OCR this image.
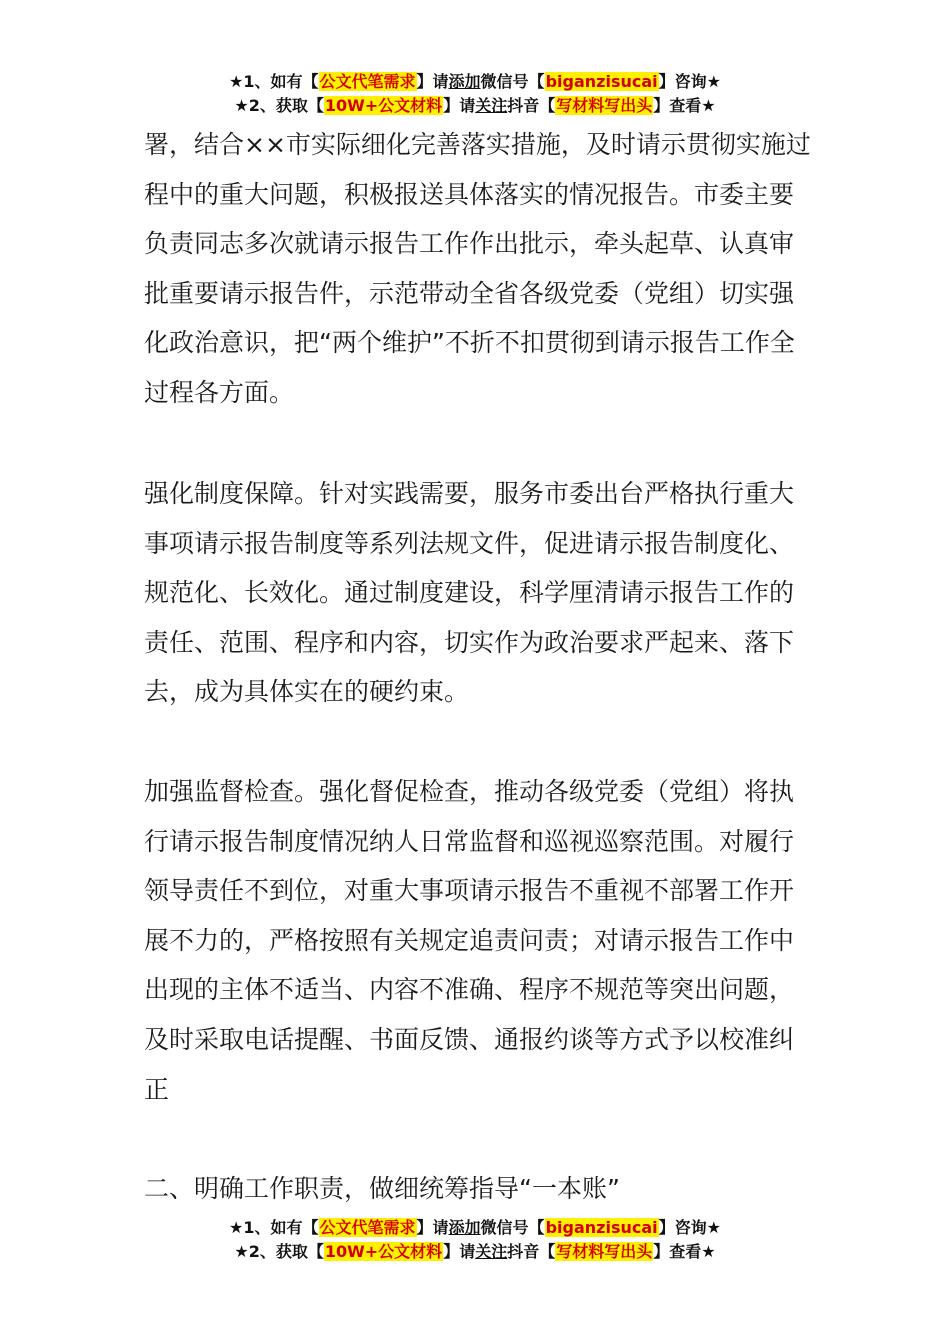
★1、如有【公文代笔需求】请添加微信号【biganzisucai】咨询★
★2、获取【10W+公文材料】请关注抖音【写材料写出头】查看★

署，结合××市实际细化完善落实措施，及时请示贯彻实施过程中的重大问题，积极报送具体落实的情况报告。市委主要负责同志多次就请示报告工作作出批示，牵头起草、认真审批重要请示报告件，示范带动全省各级党委（党组）切实强化政治意识，把“两个维护”不折不扣贯彻到请示报告工作全过程各方面。

强化制度保障。针对实践需要，服务市委出台严格执行重大事项请示报告制度等系列法规文件，促进请示报告制度化、规范化、长效化。通过制度建设，科学厘清请示报告工作的责任、范围、程序和内容，切实作为政治要求严起来、落下去，成为具体实在的硬约束。

加强监督检查。强化督促检查，推动各级党委（党组）将执行请示报告制度情况纳人日常监督和巡视巡察范围。对履行领导责任不到位，对重大事项请示报告不重视不部署工作开展不力的，严格按照有关规定追责问责；对请示报告工作中出现的主体不适当、内容不准确、程序不规范等突出问题，及时采取电话提醒、书面反馈、通报约谈等方式予以校准纠正

二、明确工作职责，做细统筹指导“一本账”

★1、如有【公文代笔需求】请添加微信号【biganzisucai】咨询★
★2、获取【10W+公文材料】请关注抖音【写材料写出头】查看★
